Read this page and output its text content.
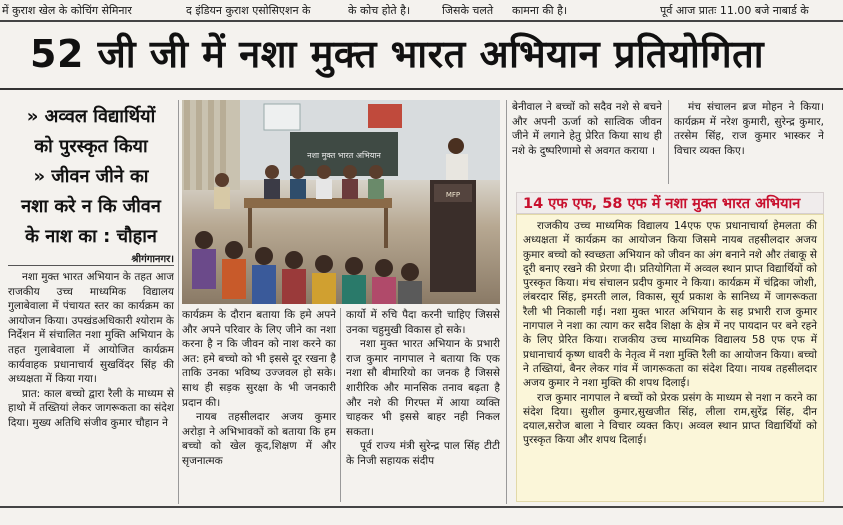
में कुराश खेल के कोचिंग सेमिनार	द इंडियन कुराश एसोसिएशन के	के कोच होते है।	जिसके चलते	कामना की है।	पूर्व आज प्रातः 11.00 बजे नाबार्ड के
52 जी जी में नशा मुक्त भारत अभियान प्रतियोगिता
» अव्वल विद्यार्थियों
को पुरस्कृत किया
» जीवन जीने का
नशा करे न कि जीवन
के नाश का : चौहान
श्रीगंगानगर।

नशा मुक्त भारत अभियान के तहत आज राजकीय उच्च माध्यमिक विद्यालय गुलाबेवाला में पंचायत स्तर का कार्यक्रम का आयोजन किया। उपखंडअधिकारी श्योराम के निर्देशन में संचालित नशा मुक्ति अभियान के तहत गुलाबेवाला में आयोजित कार्यक्रम कार्यवाहक प्रधानाचार्य सुखविंदर सिंह की अध्यक्षता में किया गया।

प्रात: काल बच्चो द्वारा रैली के माध्यम से हाथो में तख्तियां लेकर जागरूकता का संदेश दिया। मुख्य अतिथि संजीव कुमार चौहान ने

नशा मुक्त भारत अभियान
MFP

कार्यक्रम के दौरान बताया कि हमे अपने और अपने परिवार के लिए जीने का नशा करना है न कि जीवन को नाश करने का अत: हमे बच्चो को भी इससे दूर रखना है ताकि उनका भविष्य उज्जवल हो सके। साथ ही सड़क सुरक्षा के भी जनकारी प्रदान की।

नायब तहसीलदार अजय कुमार अरोड़ा ने अभिभावकों को बताया कि हम बच्चो को खेल कूद,शिक्षण में और सृजनात्मक

कार्यो में रुचि पैदा करनी चाहिए जिससे उनका चहुमुखी विकास हो सके।

नशा मुक्त भारत अभियान के प्रभारी राज कुमार नागपाल ने बताया कि एक नशा सौ बीमारियो का जनक है जिससे शारीरिक और मानसिक तनाव बढ़ता है और नशे की गिरफ्त में आया व्यक्ति चाहकर भी इससे बाहर नही निकल सकता।

पूर्व राज्य मंत्री सुरेन्द्र पाल सिंह टीटी के निजी सहायक संदीप

बेनीवाल ने बच्चों को सदैव नशे से बचने और अपनी ऊर्जा को सात्विक जीवन जीने में लगाने हेतु प्रेरित किया साथ ही नशे के दुष्परिणामो से अवगत कराया ।

मंच संचालन ब्रज मोहन ने किया। कार्यक्रम में नरेश कुमारी, सुरेन्द्र कुमार, तरसेम सिंह, राज कुमार भास्कर ने विचार व्यक्त किए।

14 एफ एफ, 58 एफ में नशा मुक्त भारत अभियान

राजकीय उच्च माध्यमिक विद्यालय 14एफ एफ प्रधानाचार्या हेमलता की अध्यक्षता में कार्यक्रम का आयोजन किया जिसमे नायब तहसीलदार अजय कुमार बच्चो को स्वच्छता अभियान को जीवन का अंग बनाने नशे और तंबाकू से दूरी बनाए रखने की प्रेरणा दी। प्रतियोगिता में अव्वल स्थान प्राप्त विद्यार्थियों को पुरस्कृत किया। मंच संचालन प्रदीप कुमार ने किया। कार्यक्रम में चंद्रिका जोशी, लंबरदार सिंह, इमरती लाल, विकास, सूर्य प्रकाश के सानिध्य में जागरूकता रैली भी निकाली गई। नशा मुक्त भारत अभियान के सह प्रभारी राज कुमार नागपाल ने नशा का त्याग कर सदैव शिक्षा के क्षेत्र में नए पायदान पर बने रहने के लिए प्रेरित किया। राजकीय उच्च माध्यमिक विद्यालय 58 एफ एफ में प्रधानाचार्य कृष्ण धावरी के नेतृत्व में नशा मुक्ति रैली का आयोजन किया। बच्चो ने तख्तियां, बैनर लेकर गांव में जागरूकता का संदेश दिया। नायब तहसीलदार अजय कुमार ने नशा मुक्ति की शपथ दिलाई।

राज कुमार नागपाल ने बच्चों को प्रेरक प्रसंग के माध्यम से नशा न करने का संदेश दिया। सुशील कुमार,सुखजीत सिंह, लीला राम,सुरेंद्र सिंह, दीन दयाल,सरोज बाला ने विचार व्यक्त किए। अव्वल स्थान प्राप्त विद्यार्थियों को पुरस्कृत किया और शपथ दिलाई।
